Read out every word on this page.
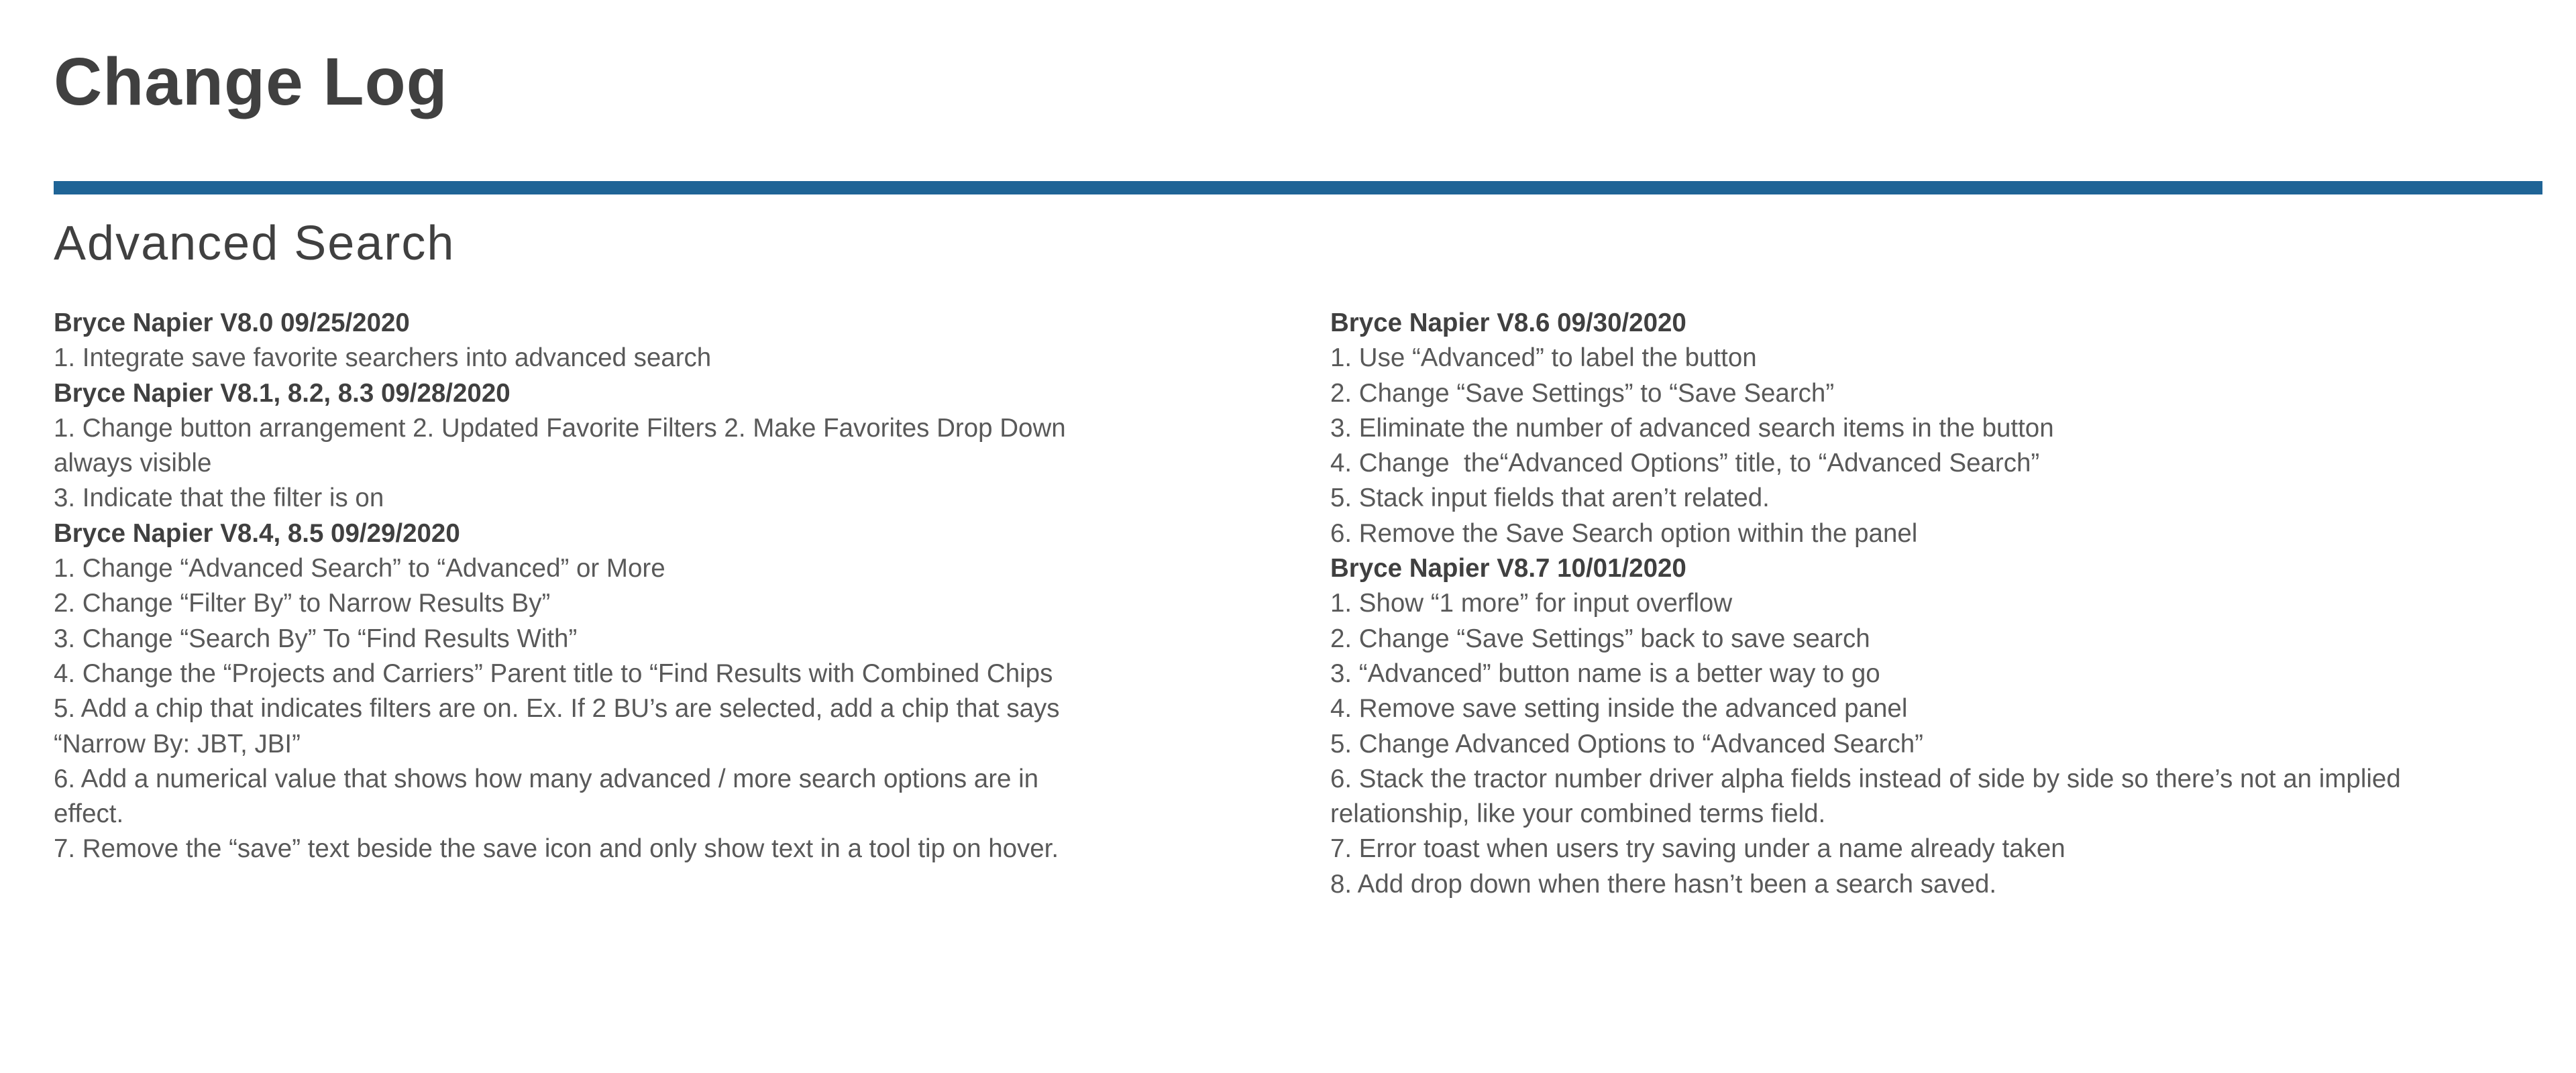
Change Log
Advanced Search
Bryce Napier V8.0 09/25/2020
1. Integrate save favorite searchers into advanced search
Bryce Napier V8.1, 8.2, 8.3 09/28/2020
1. Change button arrangement 2. Updated Favorite Filters 2. Make Favorites Drop Down always visible
3. Indicate that the filter is on
Bryce Napier V8.4, 8.5 09/29/2020
1. Change “Advanced Search” to “Advanced” or More
2. Change “Filter By” to Narrow Results By”
3. Change “Search By” To “Find Results With”
4. Change the “Projects and Carriers” Parent title to “Find Results with Combined Chips
5. Add a chip that indicates filters are on. Ex. If 2 BU’s are selected, add a chip that says “Narrow By: JBT, JBI”
6. Add a numerical value that shows how many advanced / more search options are in effect.
7. Remove the “save” text beside the save icon and only show text in a tool tip on hover.
Bryce Napier V8.6 09/30/2020
1. Use “Advanced” to label the button
2. Change “Save Settings” to “Save Search”
3. Eliminate the number of advanced search items in the button
4. Change  the“Advanced Options” title, to “Advanced Search”
5. Stack input fields that aren’t related.
6. Remove the Save Search option within the panel
Bryce Napier V8.7 10/01/2020
1. Show “1 more” for input overflow
2. Change “Save Settings” back to save search
3. “Advanced” button name is a better way to go
4. Remove save setting inside the advanced panel
5. Change Advanced Options to “Advanced Search”
6. Stack the tractor number driver alpha fields instead of side by side so there’s not an implied relationship, like your combined terms field.
7. Error toast when users try saving under a name already taken
8. Add drop down when there hasn’t been a search saved.
